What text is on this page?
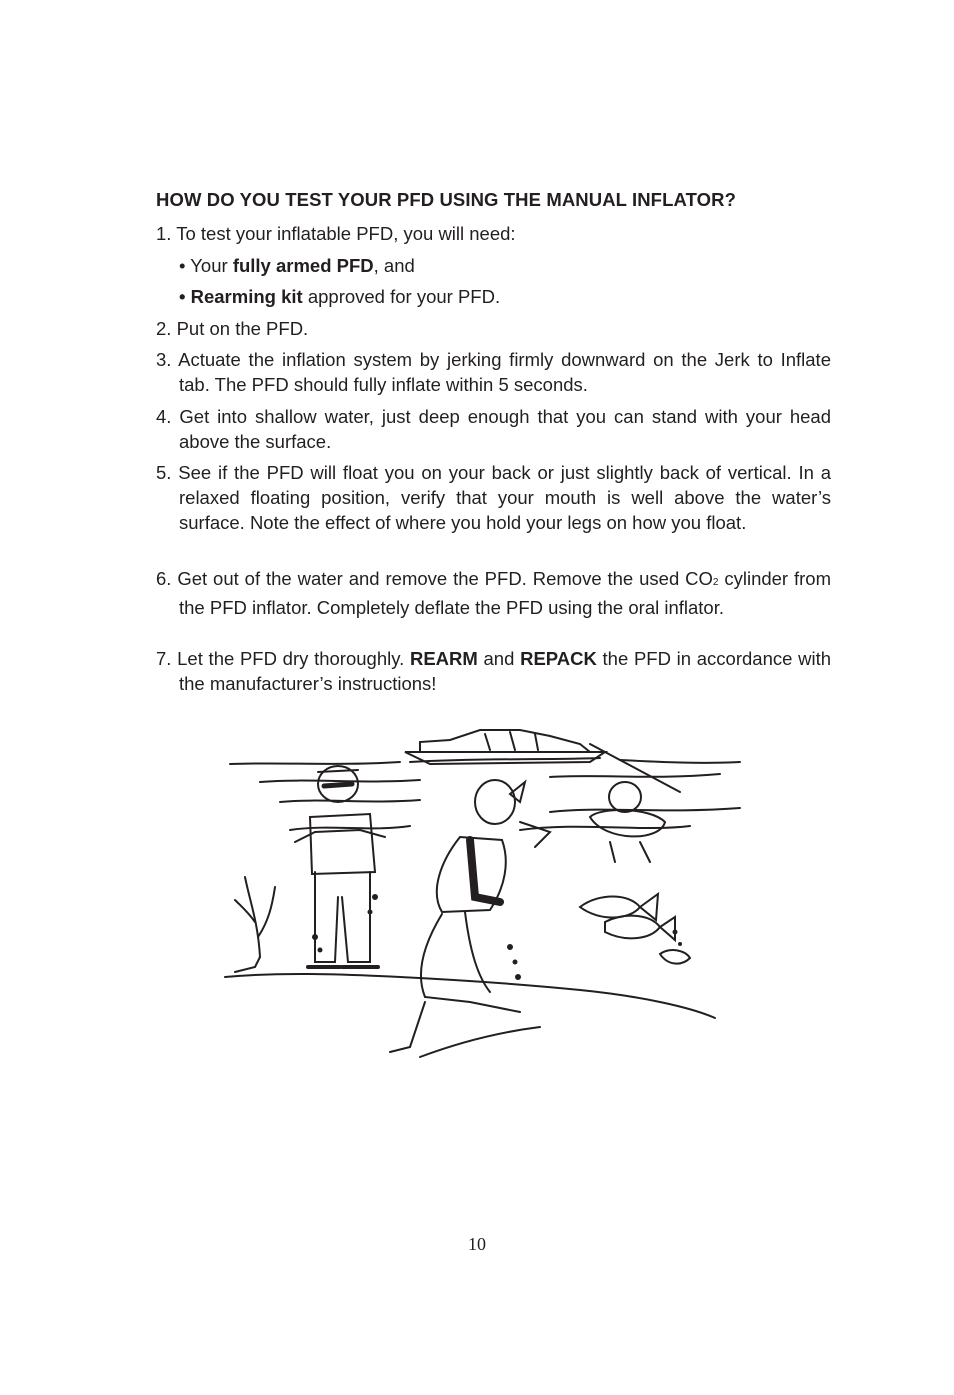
HOW DO YOU TEST YOUR PFD USING THE MANUAL INFLATOR?
1. To test your inflatable PFD, you will need:
• Your fully armed PFD, and
• Rearming kit approved for your PFD.
2. Put on the PFD.
3. Actuate the inflation system by jerking firmly downward on the Jerk to Inflate tab. The PFD should fully inflate within 5 seconds.
4. Get into shallow water, just deep enough that you can stand with your head above the surface.
5. See if the PFD will float you on your back or just slightly back of vertical. In a relaxed floating position, verify that your mouth is well above the water’s surface. Note the effect of where you hold your legs on how you float.
6. Get out of the water and remove the PFD. Remove the used CO2 cylinder from the PFD inflator. Completely deflate the PFD using the oral inflator.
7. Let the PFD dry thoroughly. REARM and REPACK the PFD in accordance with the manufacturer’s instructions!
10
